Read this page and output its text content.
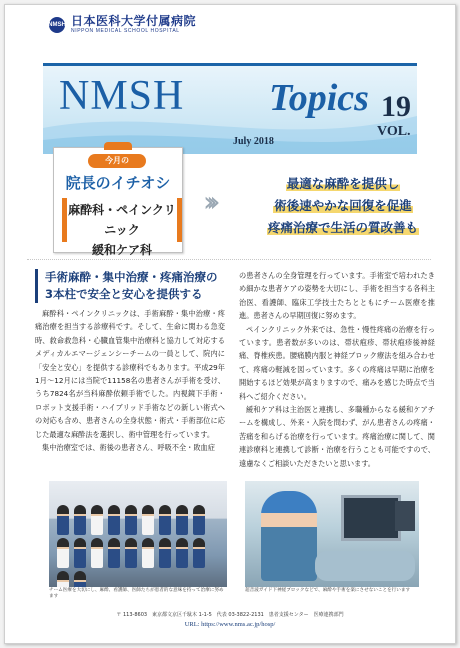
NMSH 日本医科大学付属病院
NIPPON MEDICAL SCHOOL HOSPITAL
NMSH Topics 19
VOL.
July 2018
今月の
院長のイチオシ
麻酔科・ペインクリニック
緩和ケア科
›››
最適な麻酔を提供し
術後速やかな回復を促進
疼痛治療で生活の質改善も
手術麻酔・集中治療・疼痛治療の
3本柱で安全と安心を提供する

麻酔科・ペインクリニックは、手術麻酔・集中治療・疼痛治療を担当する診療科です。そして、生命に関わる急変時、救命救急科・心臓血管集中治療科と協力して対応するメディカルエマージェンシーチームの一員として、院内に「安全と安心」を提供する診療科でもあります。平成29年1月～12月には当院で11158名の患者さんが手術を受け、うち7824名が当科麻酔依頼手術でした。内視鏡下手術・ロボット支援手術・ハイブリッド手術などの新しい術式への対応も含め、患者さんの全身状態・術式・手術部位に応じた最適な麻酔法を選択し、術中管理を行っています。

集中治療室では、術後の患者さん、呼吸不全・敗血症

の患者さんの全身管理を行っています。手術室で培われたきめ細かな患者ケアの姿勢を大切にし、手術を担当する各科主治医、看護師、臨床工学技士たちとともにチーム医療を推進。患者さんの早期回復に努めます。

ペインクリニック外来では、急性・慢性疼痛の治療を行っています。患者数が多いのは、帯状疱疹、帯状疱疹後神経痛、脊椎疾患。腰痛膜内服と神経ブロック療法を組み合わせて、疼痛の軽減を図っています。多くの疼痛は早期に治療を開始するほど効果が高まりますので、痛みを感じた時点で当科へご紹介ください。

緩和ケア科は主治医と連携し、多職種からなる緩和ケアチームを構成し、外来・入院を問わず、がん患者さんの疼痛・苦痛を和らげる治療を行っています。疼痛治療に関して、関連診療科と連携して診断・治療を行うことも可能ですので、遠慮なくご相談いただきたいと思います。

チーム医療を大切にし、麻酔、看護師、医師たちが患者的な意味を持って治療に努めます
超音波ガイド下神経ブロックなどで、麻酔や手術を楽にさせないことを行います
〒 113-8603　東京都文京区千駄木 1-1-5　代表 03-3822-2131　患者支援センター　医療連携部門
URL: https://www.nms.ac.jp/hosp/
